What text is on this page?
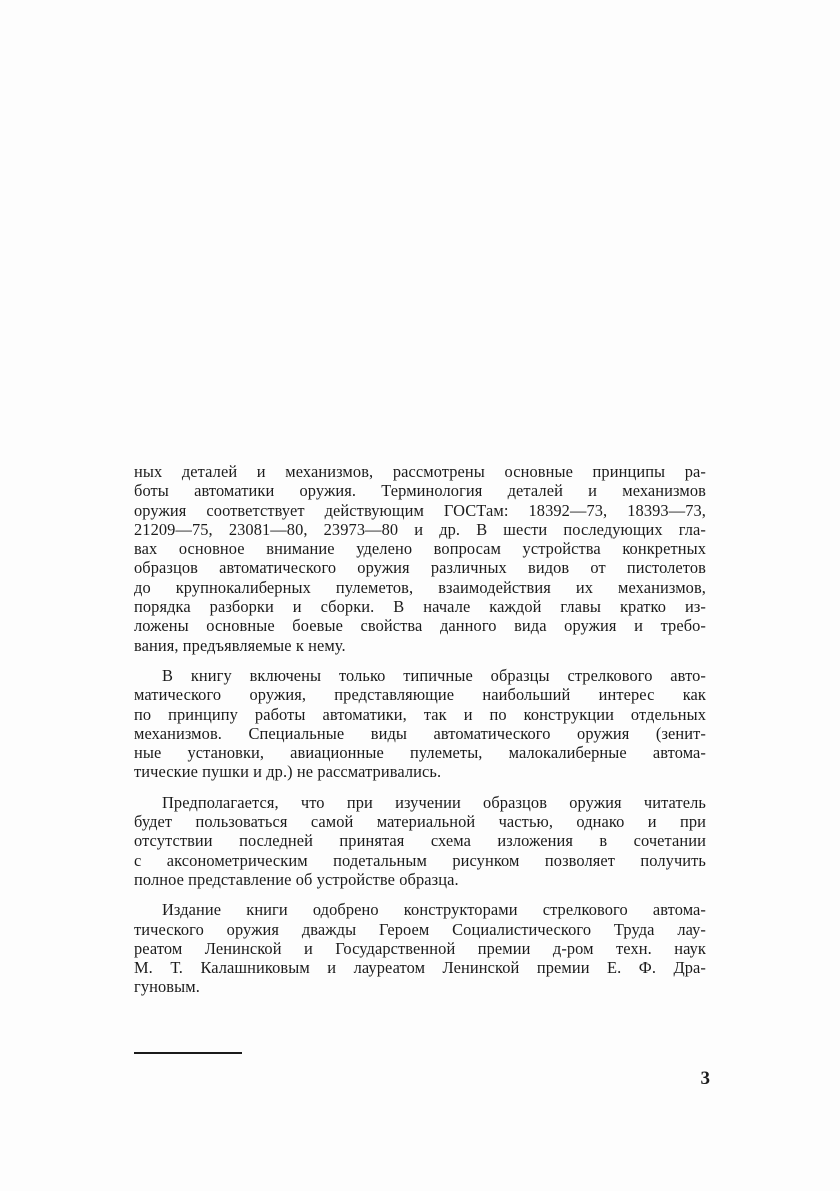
ных деталей и механизмов, рассмотрены основные принципы ра-
боты автоматики оружия. Терминология деталей и механизмов
оружия соответствует действующим ГОСТам: 18392—73, 18393—73,
21209—75, 23081—80, 23973—80 и др. В шести последующих гла-
вах основное внимание уделено вопросам устройства конкретных
образцов автоматического оружия различных видов от пистолетов
до крупнокалиберных пулеметов, взаимодействия их механизмов,
порядка разборки и сборки. В начале каждой главы кратко из-
ложены основные боевые свойства данного вида оружия и требо-
вания, предъявляемые к нему.
В книгу включены только типичные образцы стрелкового авто-
матического оружия, представляющие наибольший интерес как
по принципу работы автоматики, так и по конструкции отдельных
механизмов. Специальные виды автоматического оружия (зенит-
ные установки, авиационные пулеметы, малокалиберные автома-
тические пушки и др.) не рассматривались.
Предполагается, что при изучении образцов оружия читатель
будет пользоваться самой материальной частью, однако и при
отсутствии последней принятая схема изложения в сочетании
с аксонометрическим подетальным рисунком позволяет получить
полное представление об устройстве образца.
Издание книги одобрено конструкторами стрелкового автома-
тического оружия дважды Героем Социалистического Труда лау-
реатом Ленинской и Государственной премии д-ром техн. наук
М. Т. Калашниковым и лауреатом Ленинской премии Е. Ф. Дра-
гуновым.
3
